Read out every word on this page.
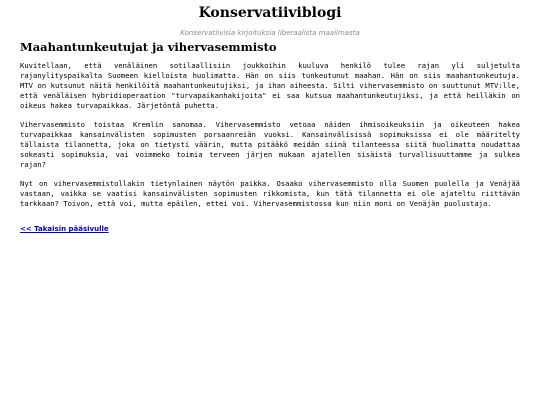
Konservatiiviblogi
Konservatiivisia kirjoituksia liberaalista maailmasta
Maahantunkeutujat ja vihervasemmisto

Kuvitellaan, että venäläinen sotilaallisiin joukkoihin kuuluva henkilö tulee rajan yli suljetulta rajanylityspaikalta Suomeen kielloista huolimatta. Hän on siis tunkeutunut maahan. Hän on siis maahantunkeutuja. MTV on kutsunut näitä henkilöitä maahantunkeutujiksi, ja ihan aiheesta. Silti vihervasemmisto on suuttunut MTV:lle, että venäläisen hybridioperaation "turvapaikanhakijoita" ei saa kutsua maahantunkeutujiksi, ja että heilläkin on oikeus hakea turvapaikkaa. Järjetöntä puhetta.

Vihervasemmisto toistaa Kremlin sanomaa. Vihervasemmisto vetoaa näiden ihmisoikeuksiin ja oikeuteen hakea turvapaikkaa kansainvälisten sopimusten porsaanreiän vuoksi. Kansainvälisissä sopimuksissa ei ole määritelty tällaista tilannetta, joka on tietysti väärin, mutta pitääkö meidän siinä tilanteessa siitä huolimatta noudattaa sokeasti sopimuksia, vai voimmeko toimia terveen järjen mukaan ajatellen sisäistä turvallisuuttamme ja sulkea rajan?

Nyt on vihervasemmistollakin tietynlainen näytön paikka. Osaako vihervasemmisto olla Suomen puolella ja Venäjää vastaan, vaikka se vaatisi kansainvälisten sopimusten rikkomista, kun tätä tilannetta ei ole ajateltu riittävän tarkkaan? Toivon, että voi, mutta epäilen, ettei voi. Vihervasemmistossa kun niin moni on Venäjän puolustaja.

<< Takaisin pääsivulle
